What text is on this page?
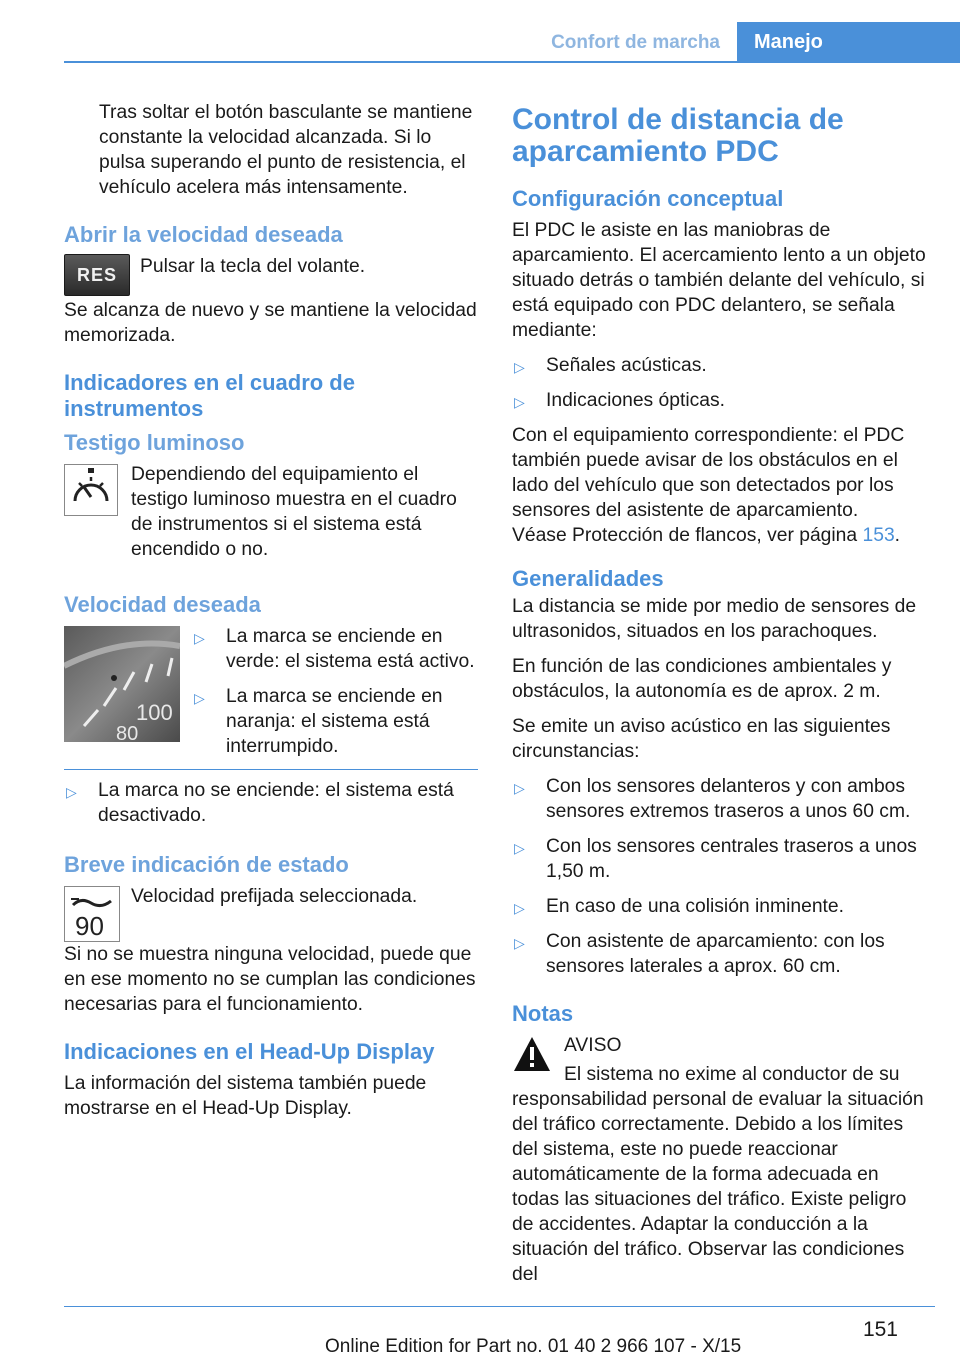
Confort de marcha	Manejo

Tras soltar el botón basculante se mantiene constante la velocidad alcanzada. Si lo pulsa superando el punto de resistencia, el vehículo acelera más intensamente.

Abrir la velocidad deseada
RES	Pulsar la tecla del volante.

Se alcanza de nuevo y se mantiene la velocidad memorizada.

Indicadores en el cuadro de instrumentos
Testigo luminoso

Dependiendo del equipamiento el testigo luminoso muestra en el cuadro de instrumentos si el sistema está encendido o no.

Velocidad deseada
100
80
▷ La marca se enciende en verde: el sistema está activo.
▷ La marca se enciende en naranja: el sistema está interrumpido.
▷ La marca no se enciende: el sistema está desactivado.
Breve indicación de estado
90

Velocidad prefijada seleccionada.

Si no se muestra ninguna velocidad, puede que en ese momento no se cumplan las condiciones necesarias para el funcionamiento.

Indicaciones en el Head-Up Display

La información del sistema también puede mostrarse en el Head-Up Display.

Control de distancia de aparcamiento PDC
Configuración conceptual

El PDC le asiste en las maniobras de aparcamiento. El acercamiento lento a un objeto situado detrás o también delante del vehículo, si está equipado con PDC delantero, se señala mediante:

▷ Señales acústicas.
▷ Indicaciones ópticas.

Con el equipamiento correspondiente: el PDC también puede avisar de los obstáculos en el lado del vehículo que son detectados por los sensores del asistente de aparcamiento.

Véase Protección de flancos, ver página 153.

Generalidades

La distancia se mide por medio de sensores de ultrasonidos, situados en los parachoques.

En función de las condiciones ambientales y obstáculos, la autonomía es de aprox. 2 m.

Se emite un aviso acústico en las siguientes circunstancias:

▷ Con los sensores delanteros y con ambos sensores extremos traseros a unos 60 cm.
▷ Con los sensores centrales traseros a unos 1,50 m.
▷ En caso de una colisión inminente.
▷ Con asistente de aparcamiento: con los sensores laterales a aprox. 60 cm.
Notas

AVISO

El sistema no exime al conductor de su responsabilidad personal de evaluar la situación del tráfico correctamente. Debido a los límites del sistema, este no puede reaccionar automáticamente de la forma adecuada en todas las situaciones del tráfico. Existe peligro de accidentes. Adaptar la conducción a la situación del tráfico. Observar las condiciones del

151
Online Edition for Part no. 01 40 2 966 107 - X/15
